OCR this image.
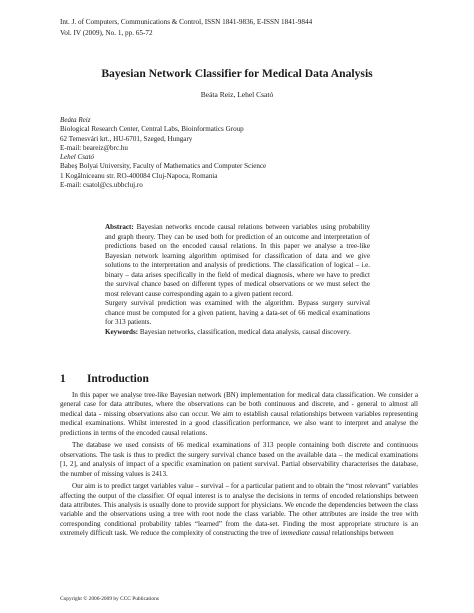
Int. J. of Computers, Communications & Control, ISSN 1841-9836, E-ISSN 1841-9844
Vol. IV (2009), No. 1, pp. 65-72
Bayesian Network Classifier for Medical Data Analysis
Beáta Reiz, Lehel Csató
Beáta Reiz
Biological Research Center, Central Labs, Bioinformatics Group
62 Temesvári krt., HU-6701, Szeged, Hungary
E-mail: beareiz@brc.hu
Lehel Csató
Babeş Bolyai University, Faculty of Mathematics and Computer Science
1 Kogălniceanu str. RO-400084 Cluj-Napoca, Romania
E-mail: csatol@cs.ubbcluj.ro
Abstract: Bayesian networks encode causal relations between variables using probability and graph theory. They can be used both for prediction of an outcome and interpretation of predictions based on the encoded causal relations. In this paper we analyse a tree-like Bayesian network learning algorithm optimised for classification of data and we give solutions to the interpretation and analysis of predictions. The classification of logical – i.e. binary – data arises specifically in the field of medical diagnosis, where we have to predict the survival chance based on different types of medical observations or we must select the most relevant cause corresponding again to a given patient record.
Surgery survival prediction was examined with the algorithm. Bypass surgery survival chance must be computed for a given patient, having a data-set of 66 medical examinations for 313 patients.
Keywords: Bayesian networks, classification, medical data analysis, causal discovery.
1 Introduction

In this paper we analyse tree-like Bayesian network (BN) implementation for medical data classification. We consider a general case for data attributes, where the observations can be both continuous and discrete, and - general to almost all medical data - missing observations also can occur. We aim to establish causal relationships between variables representing medical examinations. Whilst interested in a good classification performance, we also want to interpret and analyse the predictions in terms of the encoded causal relations.

The database we used consists of 66 medical examinations of 313 people containing both discrete and continuous observations. The task is thus to predict the surgery survival chance based on the available data – the medical examinations [1, 2], and analysis of impact of a specific examination on patient survival. Partial observability characterises the database, the number of missing values is 2413.

Our aim is to predict target variables value – survival – for a particular patient and to obtain the “most relevant” variables affecting the output of the classifier. Of equal interest is to analyse the decisions in terms of encoded relationships between data attributes. This analysis is usually done to provide support for physicians. We encode the dependencies between the class variable and the observations using a tree with root node the class variable. The other attributes are inside the tree with corresponding conditional probability tables “learned” from the data-set. Finding the most appropriate structure is an extremely difficult task. We reduce the complexity of constructing the tree of immediate causal relationships between

Copyright © 2006-2009 by CCC Publications
